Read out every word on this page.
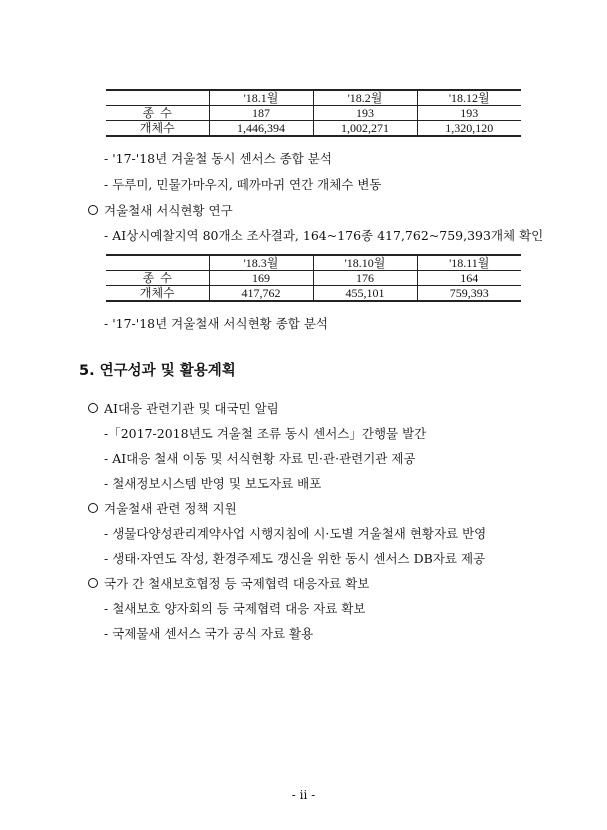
	'18.1월	'18.2월	'18.12월
종  수	187	193	193
개체수	1,446,394	1,002,271	1,320,120
- '17-'18년 겨울철 동시 센서스 종합 분석
- 두루미, 민물가마우지, 떼까마귀 연간 개체수 변동
겨울철새 서식현황 연구
- AI상시예찰지역 80개소 조사결과, 164~176종 417,762~759,393개체 확인
	'18.3월	'18.10월	'18.11월
종  수	169	176	164
개체수	417,762	455,101	759,393
- '17-'18년 겨울철새 서식현황 종합 분석
5. 연구성과 및 활용계획
AI대응 관련기관 및 대국민 알림
-「2017-2018년도 겨울철 조류 동시 센서스」간행물 발간
- AI대응 철새 이동 및 서식현황 자료 민·관·관련기관 제공
- 철새정보시스템 반영 및 보도자료 배포
겨울철새 관련 정책 지원
- 생물다양성관리계약사업 시행지침에 시·도별 겨울철새 현황자료 반영
- 생태·자연도 작성, 환경주제도 갱신을 위한 동시 센서스 DB자료 제공
국가 간 철새보호협정 등 국제협력 대응자료 확보
- 철새보호 양자회의 등 국제협력 대응 자료 확보
- 국제물새 센서스 국가 공식 자료 활용
- ii -
